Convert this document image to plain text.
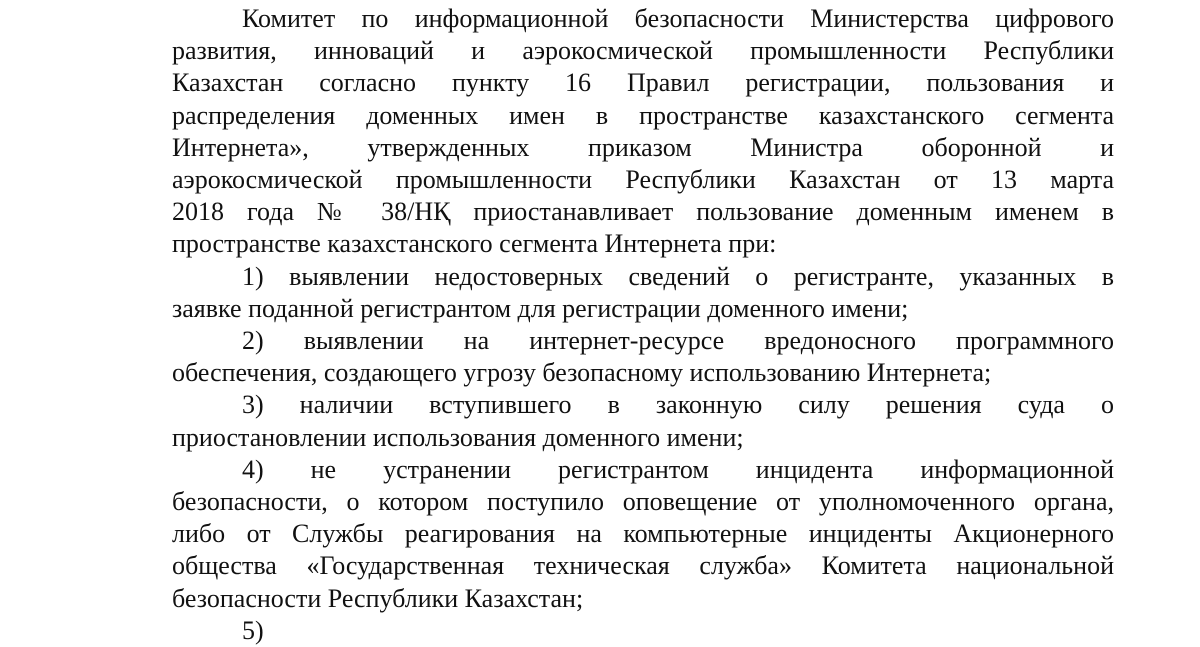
Комитет по информационной безопасности Министерства цифрового
развития, инноваций и аэрокосмической промышленности Республики
Казахстан согласно пункту 16 Правил регистрации, пользования и
распределения доменных имен в пространстве казахстанского сегмента
Интернета», утвержденных приказом Министра оборонной и
аэрокосмической промышленности Республики Казахстан от 13 марта
2018 года № 38/НҚ приостанавливает пользование доменным именем в
пространстве казахстанского сегмента Интернета при:
1) выявлении недостоверных сведений о регистранте, указанных в
заявке поданной регистрантом для регистрации доменного имени;
2) выявлении на интернет-ресурсе вредоносного программного
обеспечения, создающего угрозу безопасному использованию Интернета;
3) наличии вступившего в законную силу решения суда о
приостановлении использования доменного имени;
4) не устранении регистрантом инцидента информационной
безопасности, о котором поступило оповещение от уполномоченного органа,
либо от Службы реагирования на компьютерные инциденты Акционерного
общества «Государственная техническая служба» Комитета национальной
безопасности Республики Казахстан;
5)
